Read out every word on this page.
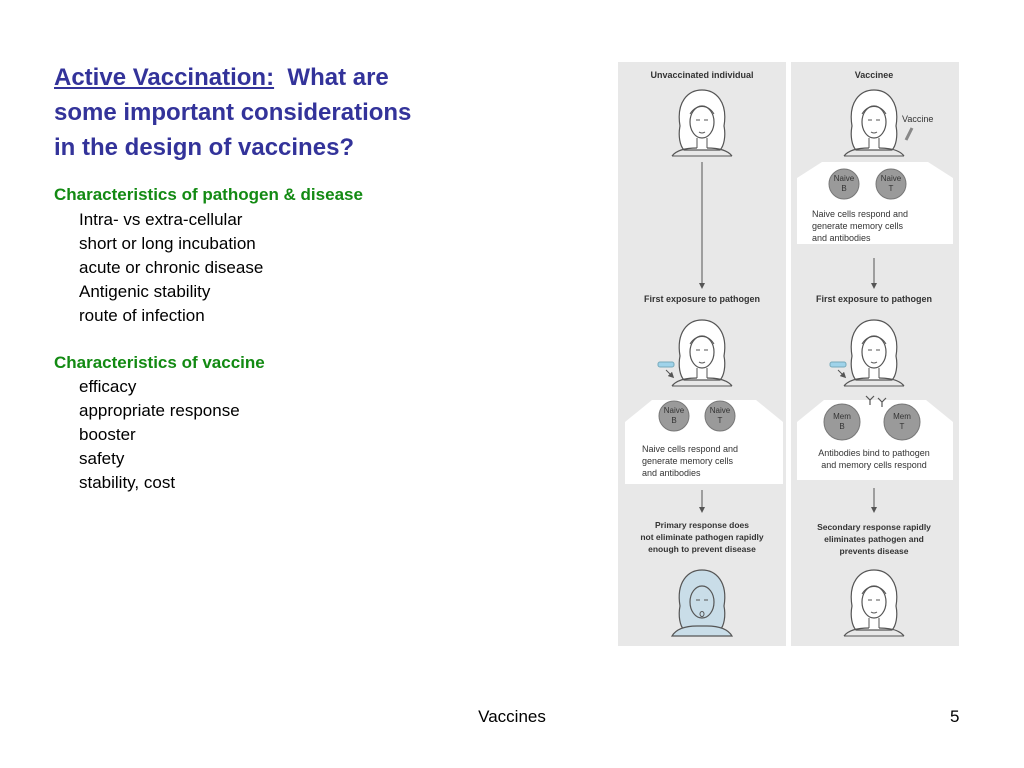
Active Vaccination: What are
some important considerations
in the design of vaccines?
Characteristics of pathogen & disease
Intra- vs extra-cellular
short or long incubation
acute or chronic disease
Antigenic stability
route of infection
Characteristics of vaccine
efficacy
appropriate response
booster
safety
stability, cost
Unvaccinated individual	Vaccinee
Vaccine
Naive
B
Naive
T
Naive cells respond and
generate memory cells
and antibodies
First exposure to pathogen	First exposure to pathogen
Naive
B
Naive
T
Naive cells respond and
generate memory cells
and antibodies
Mem
B
Mem
T
Antibodies bind to pathogen
and memory cells respond
Primary response does
not eliminate pathogen rapidly
enough to prevent disease
Secondary response rapidly
eliminates pathogen and
prevents disease
Vaccines	5
